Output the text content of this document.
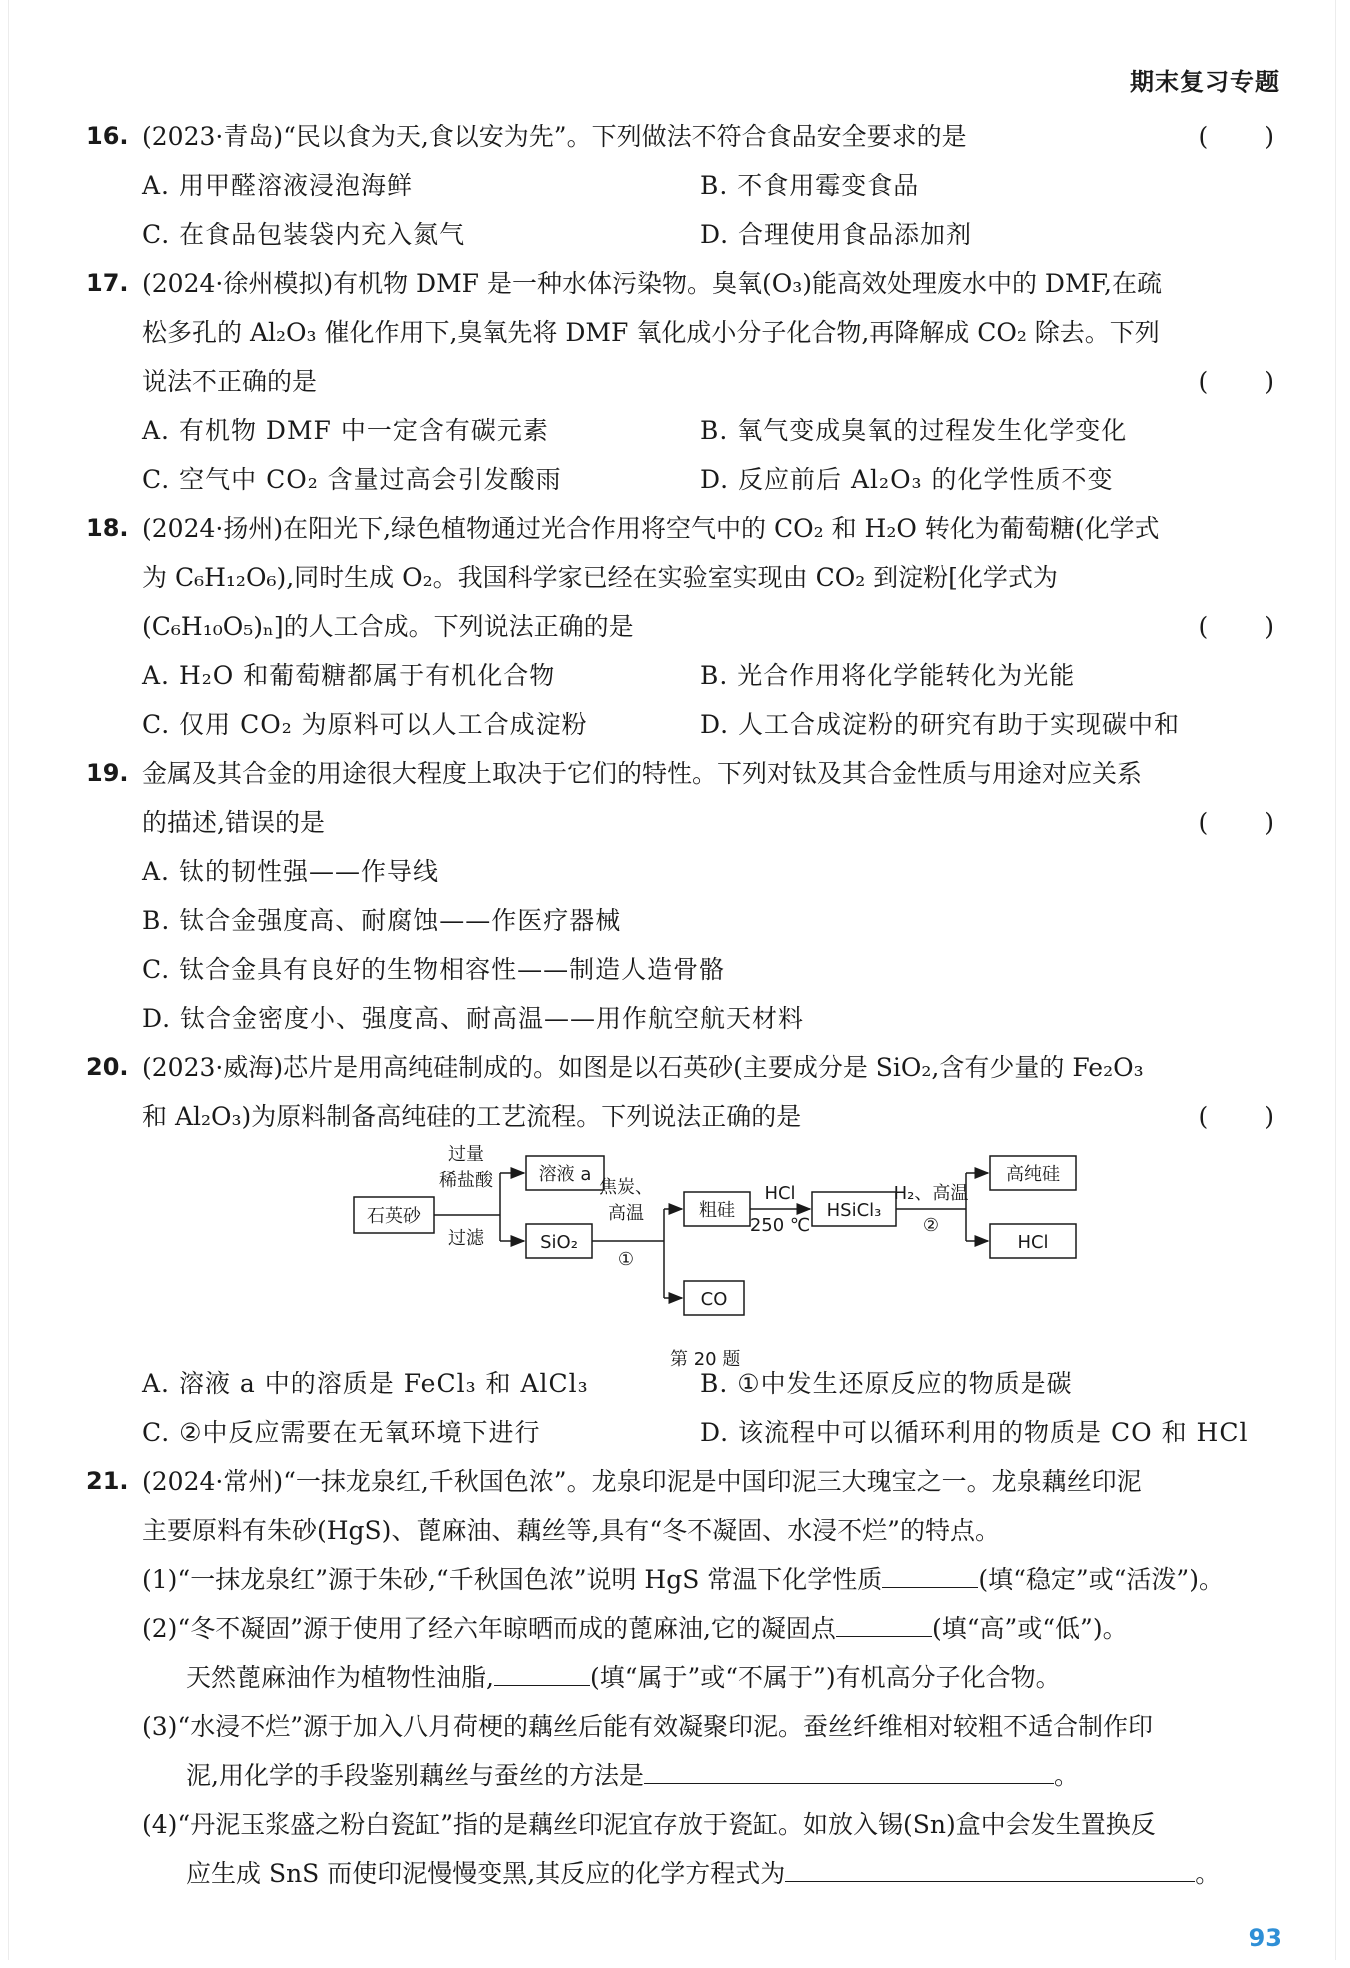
期末复习专题
16. (2023·青岛)“民以食为天,食以安为先”。下列做法不符合食品安全要求的是	(　　)
A. 用甲醛溶液浸泡海鲜	B. 不食用霉变食品
C. 在食品包装袋内充入氮气	D. 合理使用食品添加剂
17. (2024·徐州模拟)有机物 DMF 是一种水体污染物。臭氧(O₃)能高效处理废水中的 DMF,在疏
松多孔的 Al₂O₃ 催化作用下,臭氧先将 DMF 氧化成小分子化合物,再降解成 CO₂ 除去。下列
说法不正确的是	(　　)
A. 有机物 DMF 中一定含有碳元素	B. 氧气变成臭氧的过程发生化学变化
C. 空气中 CO₂ 含量过高会引发酸雨	D. 反应前后 Al₂O₃ 的化学性质不变
18. (2024·扬州)在阳光下,绿色植物通过光合作用将空气中的 CO₂ 和 H₂O 转化为葡萄糖(化学式
为 C₆H₁₂O₆),同时生成 O₂。我国科学家已经在实验室实现由 CO₂ 到淀粉[化学式为
(C₆H₁₀O₅)ₙ]的人工合成。下列说法正确的是	(　　)
A. H₂O 和葡萄糖都属于有机化合物	B. 光合作用将化学能转化为光能
C. 仅用 CO₂ 为原料可以人工合成淀粉	D. 人工合成淀粉的研究有助于实现碳中和
19. 金属及其合金的用途很大程度上取决于它们的特性。下列对钛及其合金性质与用途对应关系
的描述,错误的是	(　　)
A. 钛的韧性强——作导线
B. 钛合金强度高、耐腐蚀——作医疗器械
C. 钛合金具有良好的生物相容性——制造人造骨骼
D. 钛合金密度小、强度高、耐高温——用作航空航天材料
20. (2023·威海)芯片是用高纯硅制成的。如图是以石英砂(主要成分是 SiO₂,含有少量的 Fe₂O₃
和 Al₂O₃)为原料制备高纯硅的工艺流程。下列说法正确的是	(　　)
石英砂
过量
稀盐酸
过滤
溶液 a
SiO₂
焦炭、
高温
①
粗硅
CO
HCl
250 ℃
HSiCl₃
H₂、高温
②
高纯硅
HCl
第 20 题
A. 溶液 a 中的溶质是 FeCl₃ 和 AlCl₃	B. ①中发生还原反应的物质是碳
C. ②中反应需要在无氧环境下进行	D. 该流程中可以循环利用的物质是 CO 和 HCl
21. (2024·常州)“一抹龙泉红,千秋国色浓”。龙泉印泥是中国印泥三大瑰宝之一。龙泉藕丝印泥
主要原料有朱砂(HgS)、蓖麻油、藕丝等,具有“冬不凝固、水浸不烂”的特点。
(1)“一抹龙泉红”源于朱砂,“千秋国色浓”说明 HgS 常温下化学性质	(填“稳定”或“活泼”)。
(2)“冬不凝固”源于使用了经六年晾晒而成的蓖麻油,它的凝固点	(填“高”或“低”)。
天然蓖麻油作为植物性油脂,	(填“属于”或“不属于”)有机高分子化合物。
(3)“水浸不烂”源于加入八月荷梗的藕丝后能有效凝聚印泥。蚕丝纤维相对较粗不适合制作印
泥,用化学的手段鉴别藕丝与蚕丝的方法是	。
(4)“丹泥玉浆盛之粉白瓷缸”指的是藕丝印泥宜存放于瓷缸。如放入锡(Sn)盒中会发生置换反
应生成 SnS 而使印泥慢慢变黑,其反应的化学方程式为	。
93
